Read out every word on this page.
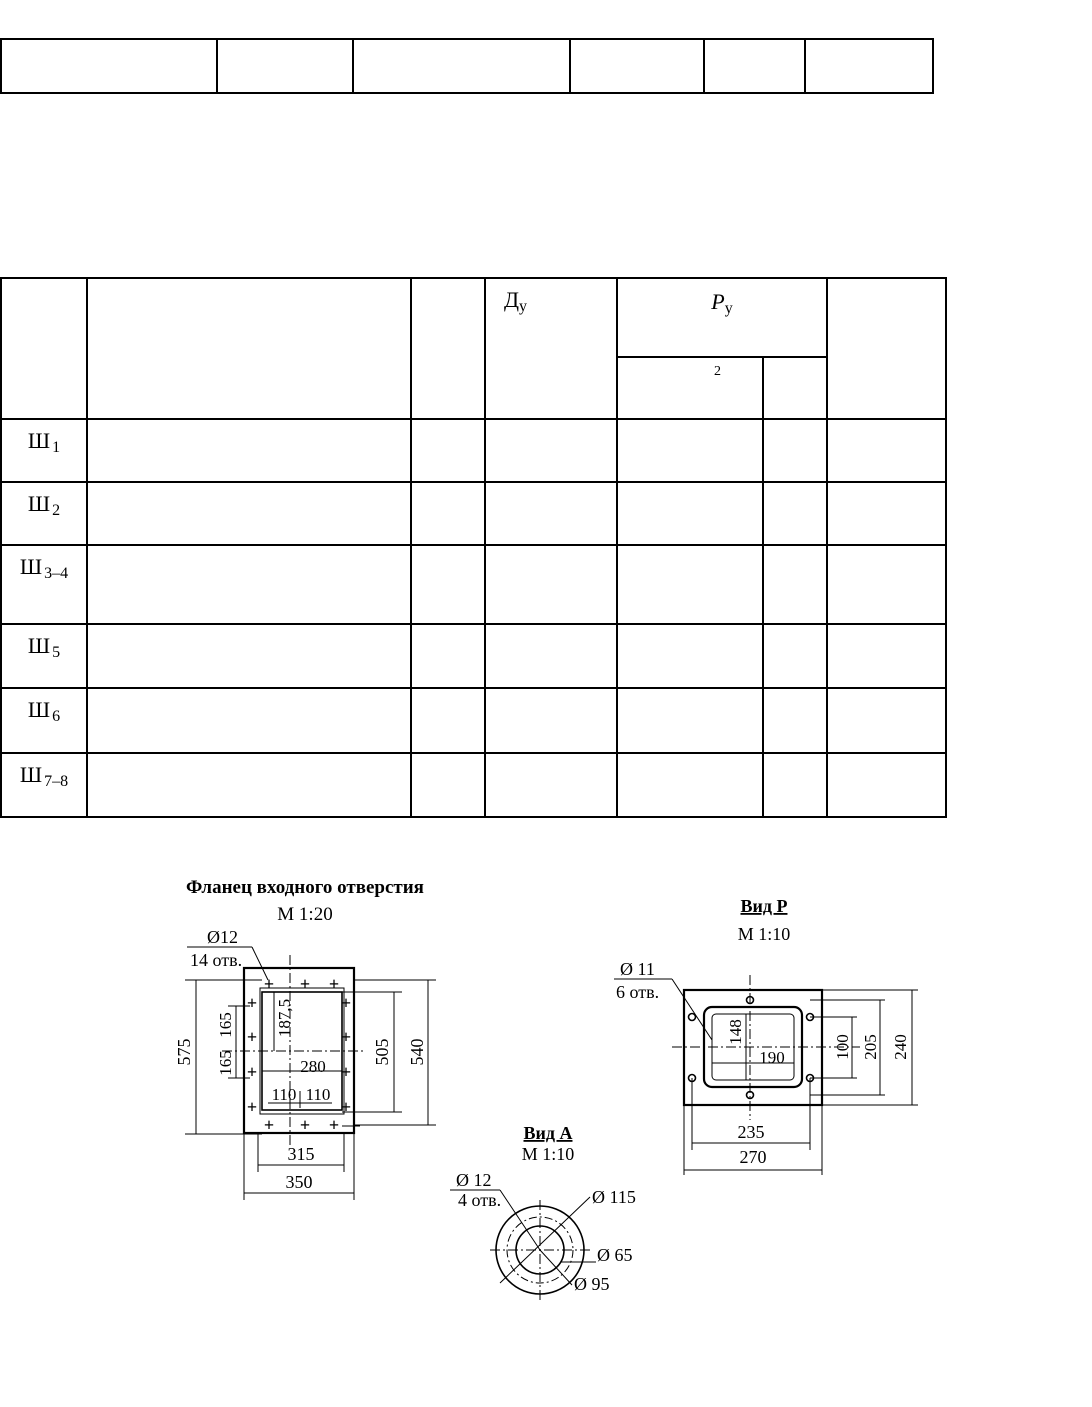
			$Д_у$	$P_у$	
				2		
Ш $_1$						
Ш $_2$						
Ш $_{3-4}$						
Ш $_5$						
Ш $_6$						
Ш $_{7-8}$						
Фланец входного отверстия
М 1:20
Ø12
14 отв.
+ + +
+ + +
+
+
+
+
+
+
+
+
575
165
165
187,5
280
110 110
505 540
315
350
Вид А
М 1:10
Ø 12
4 отв.	Ø 115
Ø 65
Ø 95
Вид Р
М 1:10
Ø 11
6 отв.
148
190	100 205 240
235
270
